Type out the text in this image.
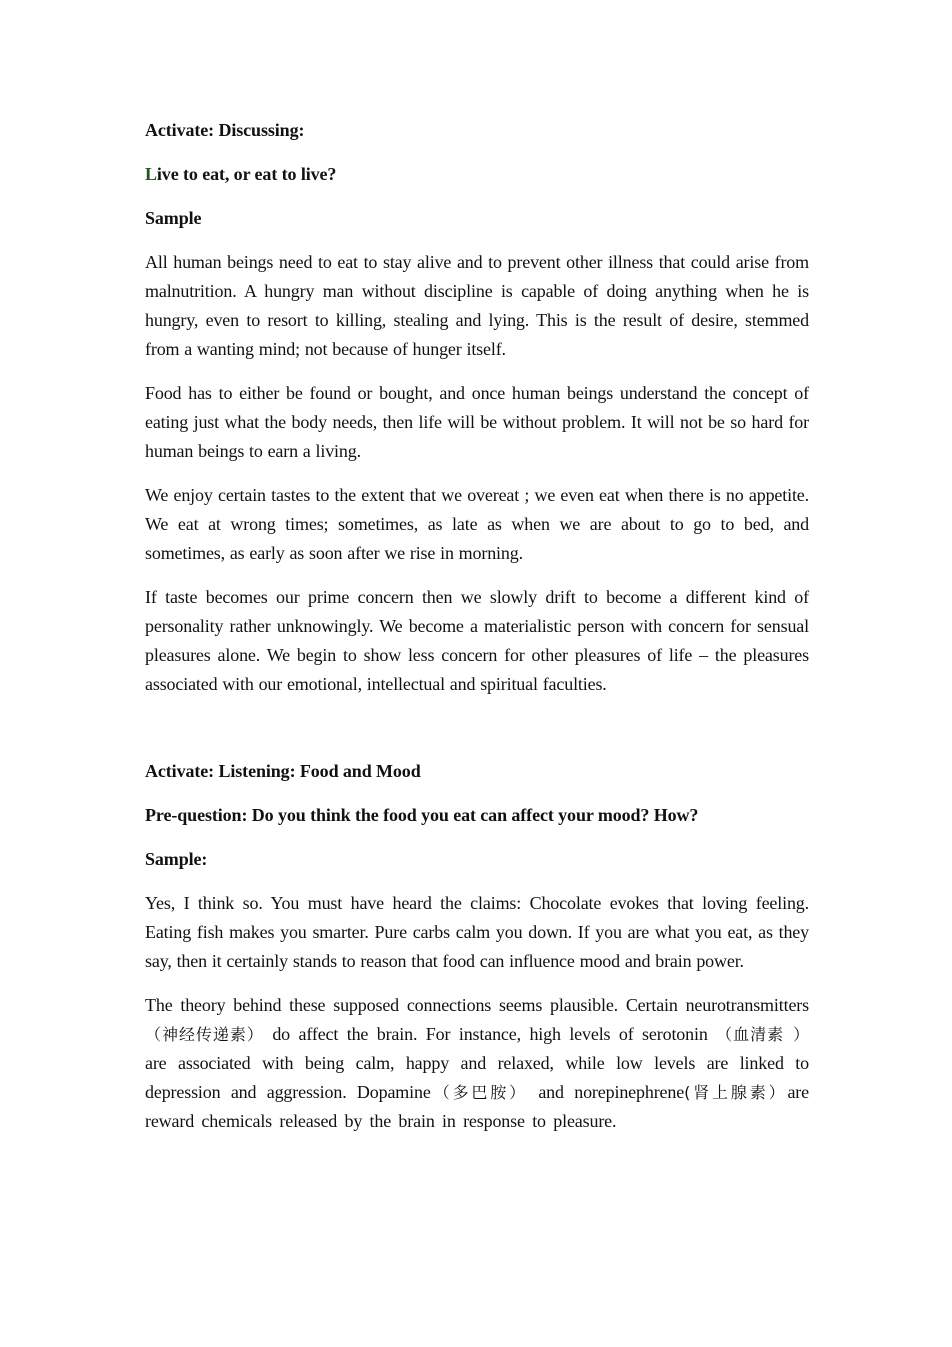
Activate: Discussing:
Live to eat, or eat to live?
Sample

All human beings need to eat to stay alive and to prevent other illness that could arise from malnutrition. A hungry man without discipline is capable of doing anything when he is hungry, even to resort to killing, stealing and lying. This is the result of desire, stemmed from a wanting mind; not because of hunger itself.

Food has to either be found or bought, and once human beings understand the concept of eating just what the body needs, then life will be without problem. It will not be so hard for human beings to earn a living.

We enjoy certain tastes to the extent that we overeat ; we even eat when there is no appetite. We eat at wrong times; sometimes, as late as when we are about to go to bed, and sometimes, as early as soon after we rise in morning.

If taste becomes our prime concern then we slowly drift to become a different kind of personality rather unknowingly. We become a materialistic person with concern for sensual pleasures alone. We begin to show less concern for other pleasures of life – the pleasures associated with our emotional, intellectual and spiritual faculties.

Activate: Listening: Food and Mood
Pre-question: Do you think the food you eat can affect your mood? How?
Sample:

Yes, I think so. You must have heard the claims: Chocolate evokes that loving feeling. Eating fish makes you smarter. Pure carbs calm you down. If you are what you eat, as they say, then it certainly stands to reason that food can influence mood and brain power.

The theory behind these supposed connections seems plausible. Certain neurotransmitters（神经传递素） do affect the brain. For instance, high levels of serotonin （血清素 ） are associated with being calm, happy and relaxed, while low levels are linked to depression and aggression. Dopamine（多巴胺） and norepinephrene(肾上腺素）are reward chemicals released by the brain in response to pleasure.
